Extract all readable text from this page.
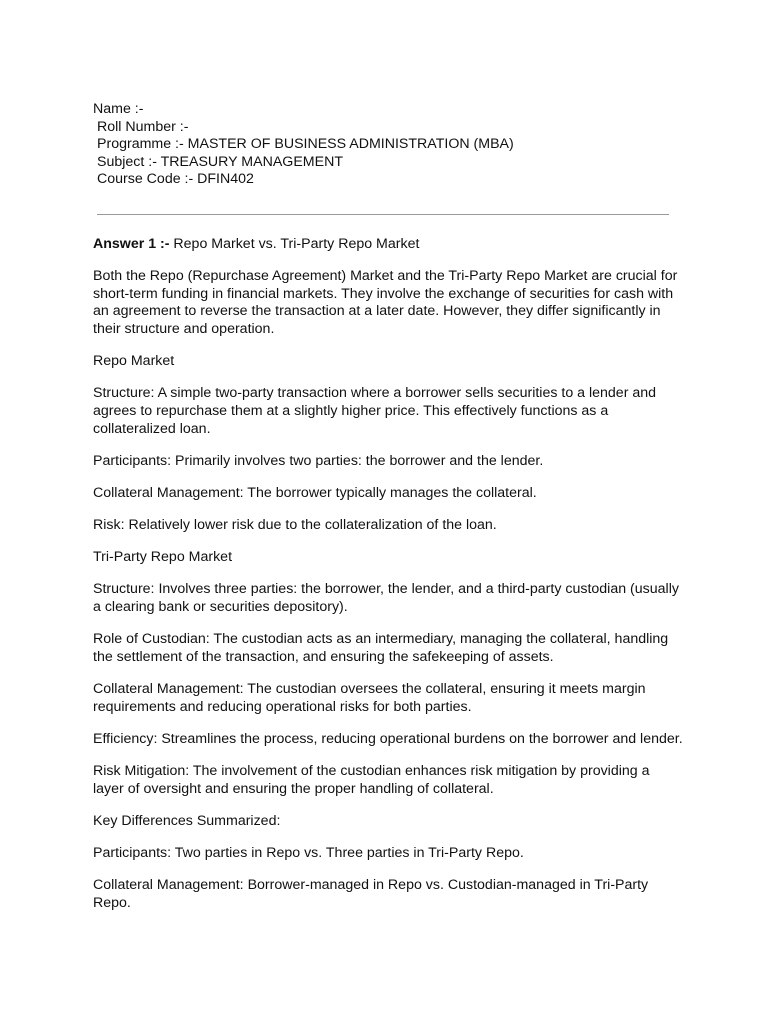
Name :-
Roll Number :-
Programme :- MASTER OF BUSINESS ADMINISTRATION (MBA)
Subject :- TREASURY MANAGEMENT
Course Code :- DFIN402

Answer 1 :- Repo Market vs. Tri-Party Repo Market

Both the Repo (Repurchase Agreement) Market and the Tri-Party Repo Market are crucial for short-term funding in financial markets. They involve the exchange of securities for cash with an agreement to reverse the transaction at a later date. However, they differ significantly in their structure and operation.

Repo Market

Structure: A simple two-party transaction where a borrower sells securities to a lender and agrees to repurchase them at a slightly higher price. This effectively functions as a collateralized loan.

Participants: Primarily involves two parties: the borrower and the lender.

Collateral Management: The borrower typically manages the collateral.

Risk: Relatively lower risk due to the collateralization of the loan.

Tri-Party Repo Market

Structure: Involves three parties: the borrower, the lender, and a third-party custodian (usually a clearing bank or securities depository).

Role of Custodian: The custodian acts as an intermediary, managing the collateral, handling the settlement of the transaction, and ensuring the safekeeping of assets.

Collateral Management: The custodian oversees the collateral, ensuring it meets margin requirements and reducing operational risks for both parties.

Efficiency: Streamlines the process, reducing operational burdens on the borrower and lender.

Risk Mitigation: The involvement of the custodian enhances risk mitigation by providing a layer of oversight and ensuring the proper handling of collateral.

Key Differences Summarized:

Participants: Two parties in Repo vs. Three parties in Tri-Party Repo.

Collateral Management: Borrower-managed in Repo vs. Custodian-managed in Tri-Party Repo.
